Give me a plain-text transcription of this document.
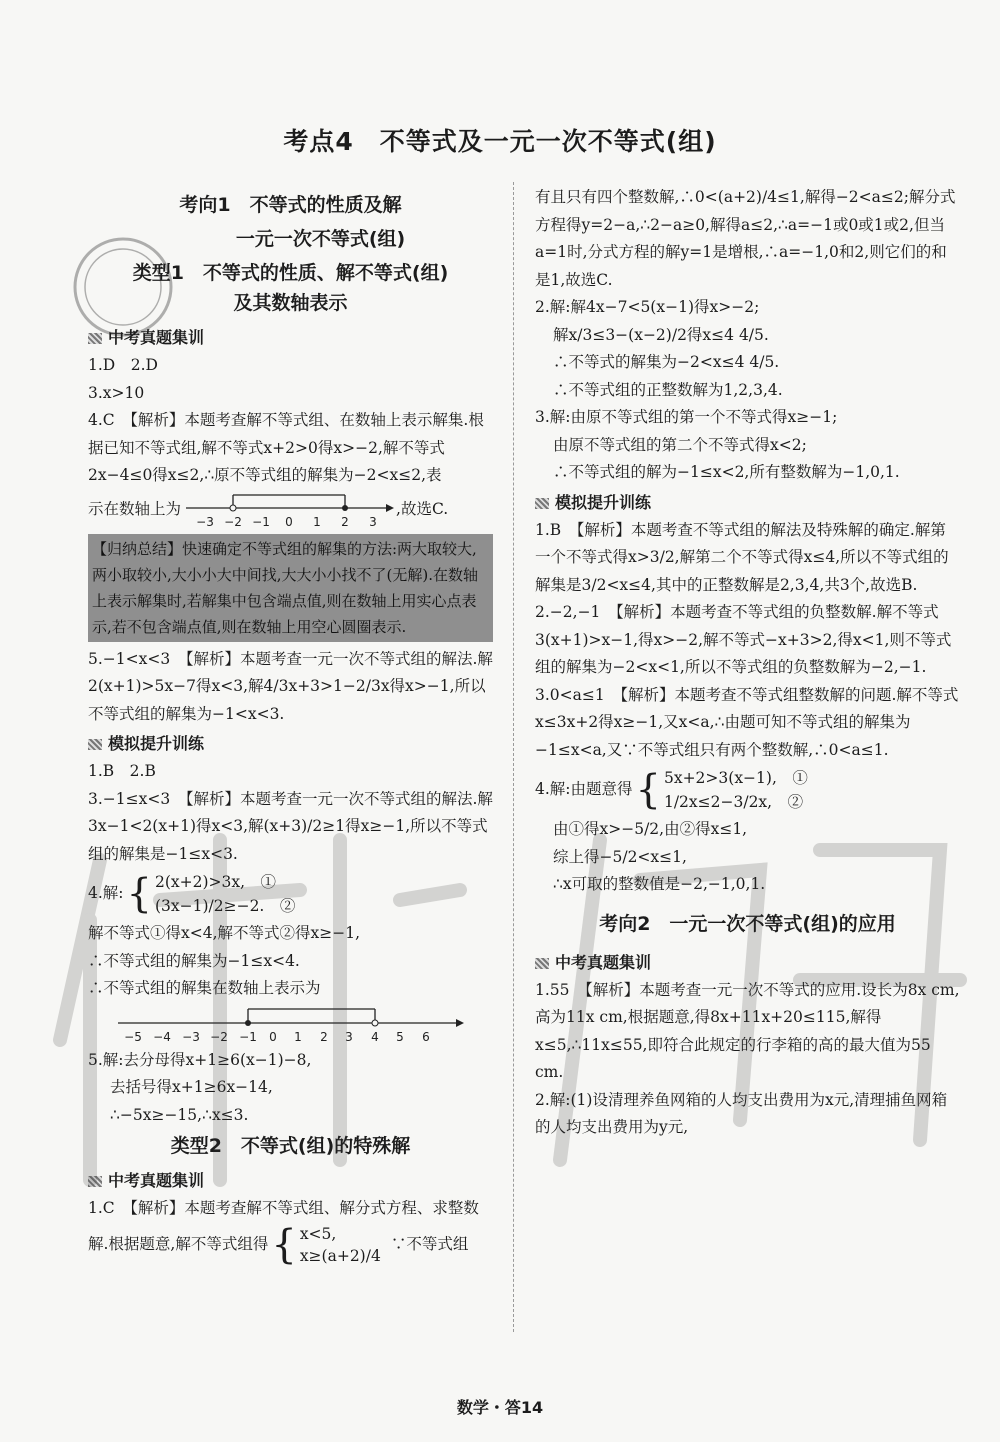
考点4　不等式及一元一次不等式(组)
考向1　不等式的性质及解
一元一次不等式(组)
类型1　不等式的性质、解不等式(组)
及其数轴表示
中考真题集训

1.D　2.D

3.x>10

4.C　【解析】本题考查解不等式组、在数轴上表示解集.根据已知不等式组,解不等式x+2>0得x>−2,解不等式2x−4≤0得x≤2,∴原不等式组的解集为−2<x≤2,表

示在数轴上为
−3 −2 −1 0 1 2 3
,故选C.
【归纳总结】快速确定不等式组的解集的方法:两大取较大,两小取较小,大小小大中间找,大大小小找不了(无解).在数轴上表示解集时,若解集中包含端点值,则在数轴上用实心点表示,若不包含端点值,则在数轴上用空心圆圈表示.

5.−1<x<3　【解析】本题考查一元一次不等式组的解法.解2(x+1)>5x−7得x<3,解4/3x+3>1−2/3x得x>−1,所以不等式组的解集为−1<x<3.

模拟提升训练

1.B　2.B

3.−1≤x<3　【解析】本题考查一元一次不等式组的解法.解3x−1<2(x+1)得x<3,解(x+3)/2≥1得x≥−1,所以不等式组的解集是−1≤x<3.

4.解: { 2(x+2)>3x,　①
(3x−1)/2≥−2.　②

解不等式①得x<4,解不等式②得x≥−1,

∴不等式组的解集为−1≤x<4.

∴不等式组的解集在数轴上表示为

−5 −4 −3 −2 −1 0 1 2 3 4 5 6

5.解:去分母得x+1≥6(x−1)−8,

去括号得x+1≥6x−14,

∴−5x≥−15,∴x≤3.

类型2　不等式(组)的特殊解
中考真题集训

1.C　【解析】本题考查解不等式组、解分式方程、求整数

解.根据题意,解不等式组得 { x<5,
x≥(a+2)/4
∵不等式组

有且只有四个整数解,∴0<(a+2)/4≤1,解得−2<a≤2;解分式方程得y=2−a,∴2−a≥0,解得a≤2,∴a=−1或0或1或2,但当a=1时,分式方程的解y=1是增根,∴a=−1,0和2,则它们的和是1,故选C.

2.解:解4x−7<5(x−1)得x>−2;

解x/3≤3−(x−2)/2得x≤4 4/5.

∴不等式的解集为−2<x≤4 4/5.

∴不等式组的正整数解为1,2,3,4.

3.解:由原不等式组的第一个不等式得x≥−1;

由原不等式组的第二个不等式得x<2;

∴不等式组的解为−1≤x<2,所有整数解为−1,0,1.

模拟提升训练

1.B　【解析】本题考查不等式组的解法及特殊解的确定.解第一个不等式得x>3/2,解第二个不等式得x≤4,所以不等式组的解集是3/2<x≤4,其中的正整数解是2,3,4,共3个,故选B.

2.−2,−1　【解析】本题考查不等式组的负整数解.解不等式3(x+1)>x−1,得x>−2,解不等式−x+3>2,得x<1,则不等式组的解集为−2<x<1,所以不等式组的负整数解为−2,−1.

3.0<a≤1　【解析】本题考查不等式组整数解的问题.解不等式x≤3x+2得x≥−1,又x<a,∴由题可知不等式组的解集为−1≤x<a,又∵不等式组只有两个整数解,∴0<a≤1.

4.解:由题意得 { 5x+2>3(x−1),　①
1/2x≤2−3/2x,　②

由①得x>−5/2,由②得x≤1,

综上得−5/2<x≤1,

∴x可取的整数值是−2,−1,0,1.

考向2　一元一次不等式(组)的应用
中考真题集训

1.55　【解析】本题考查一元一次不等式的应用.设长为8x cm,高为11x cm,根据题意,得8x+11x+20≤115,解得x≤5,∴11x≤55,即符合此规定的行李箱的高的最大值为55 cm.

2.解:(1)设清理养鱼网箱的人均支出费用为x元,清理捕鱼网箱的人均支出费用为y元,

数学・答14
